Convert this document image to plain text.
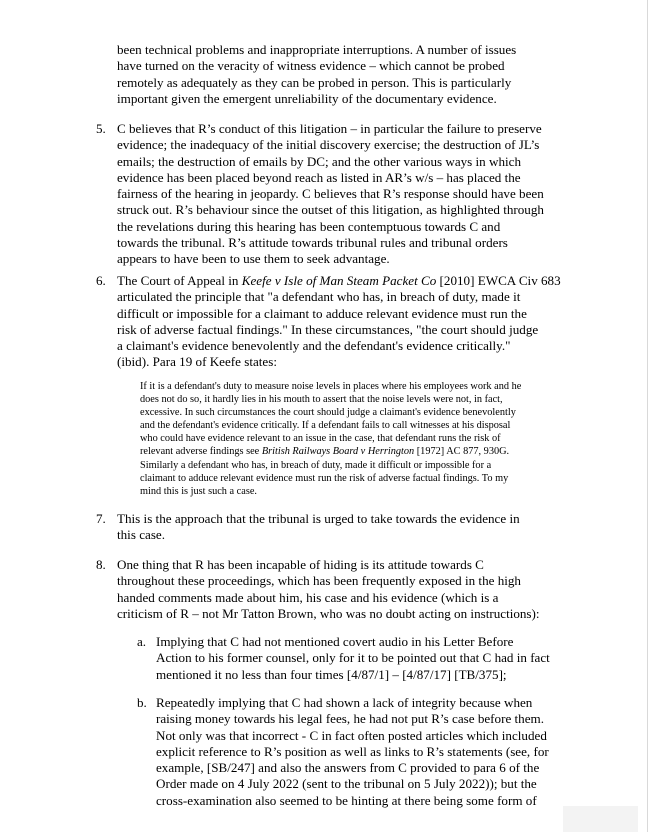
been technical problems and inappropriate interruptions. A number of issues
have turned on the veracity of witness evidence – which cannot be probed
remotely as adequately as they can be probed in person. This is particularly
important given the emergent unreliability of the documentary evidence.
5. C believes that R’s conduct of this litigation – in particular the failure to preserve
evidence; the inadequacy of the initial discovery exercise; the destruction of JL’s
emails; the destruction of emails by DC; and the other various ways in which
evidence has been placed beyond reach as listed in AR’s w/s – has placed the
fairness of the hearing in jeopardy. C believes that R’s response should have been
struck out. R’s behaviour since the outset of this litigation, as highlighted through
the revelations during this hearing has been contemptuous towards C and
towards the tribunal. R’s attitude towards tribunal rules and tribunal orders
appears to have been to use them to seek advantage.
6. The Court of Appeal in Keefe v Isle of Man Steam Packet Co [2010] EWCA Civ 683
articulated the principle that "a defendant who has, in breach of duty, made it
difficult or impossible for a claimant to adduce relevant evidence must run the
risk of adverse factual findings." In these circumstances, "the court should judge
a claimant's evidence benevolently and the defendant's evidence critically."
(ibid). Para 19 of Keefe states:
If it is a defendant's duty to measure noise levels in places where his employees work and he
does not do so, it hardly lies in his mouth to assert that the noise levels were not, in fact,
excessive. In such circumstances the court should judge a claimant's evidence benevolently
and the defendant's evidence critically. If a defendant fails to call witnesses at his disposal
who could have evidence relevant to an issue in the case, that defendant runs the risk of
relevant adverse findings see British Railways Board v Herrington [1972] AC 877, 930G.
Similarly a defendant who has, in breach of duty, made it difficult or impossible for a
claimant to adduce relevant evidence must run the risk of adverse factual findings. To my
mind this is just such a case.
7. This is the approach that the tribunal is urged to take towards the evidence in
this case.
8. One thing that R has been incapable of hiding is its attitude towards C
throughout these proceedings, which has been frequently exposed in the high
handed comments made about him, his case and his evidence (which is a
criticism of R – not Mr Tatton Brown, who was no doubt acting on instructions):
a. Implying that C had not mentioned covert audio in his Letter Before
Action to his former counsel, only for it to be pointed out that C had in fact
mentioned it no less than four times [4/87/1] – [4/87/17] [TB/375];
b. Repeatedly implying that C had shown a lack of integrity because when
raising money towards his legal fees, he had not put R’s case before them.
Not only was that incorrect - C in fact often posted articles which included
explicit reference to R’s position as well as links to R’s statements (see, for
example, [SB/247] and also the answers from C provided to para 6 of the
Order made on 4 July 2022 (sent to the tribunal on 5 July 2022)); but the
cross-examination also seemed to be hinting at there being some form of
